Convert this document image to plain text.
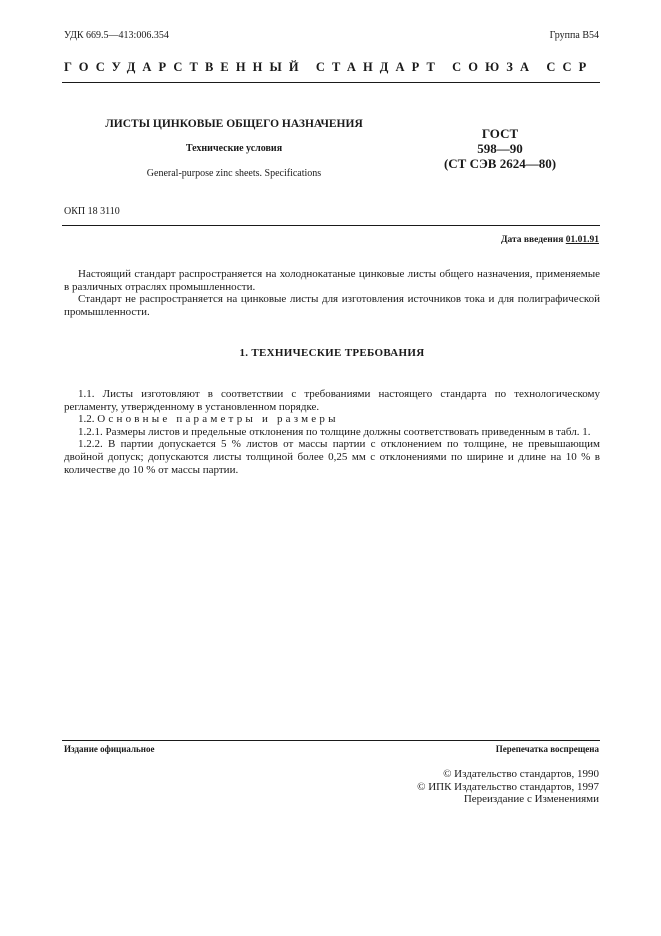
УДК 669.5—413:006.354	Группа В54
ГОСУДАРСТВЕННЫЙ СТАНДАРТ СОЮЗА ССР
ЛИСТЫ ЦИНКОВЫЕ ОБЩЕГО НАЗНАЧЕНИЯ
Технические условия
General-purpose zinc sheets. Specifications
ГОСТ
598—90
(СТ СЭВ 2624—80)
ОКП 18 3110
Дата введения 01.01.91

Настоящий стандарт распространяется на холоднокатаные цинковые листы общего назначения, применяемые в различных отраслях промышленности.

Стандарт не распространяется на цинковые листы для изготовления источников тока и для полиграфической промышленности.

1. ТЕХНИЧЕСКИЕ ТРЕБОВАНИЯ

1.1. Листы изготовляют в соответствии с требованиями настоящего стандарта по технологическому регламенту, утвержденному в установленном порядке.

1.2. Основные параметры и размеры

1.2.1. Размеры листов и предельные отклонения по толщине должны соответствовать приведенным в табл. 1.

1.2.2. В партии допускается 5 % листов от массы партии с отклонением по толщине, не превышающим двойной допуск; допускаются листы толщиной более 0,25 мм с отклонениями по ширине и длине на 10 % в количестве до 10 % от массы партии.

Издание официальное	Перепечатка воспрещена
© Издательство стандартов, 1990
© ИПК Издательство стандартов, 1997
Переиздание с Изменениями
